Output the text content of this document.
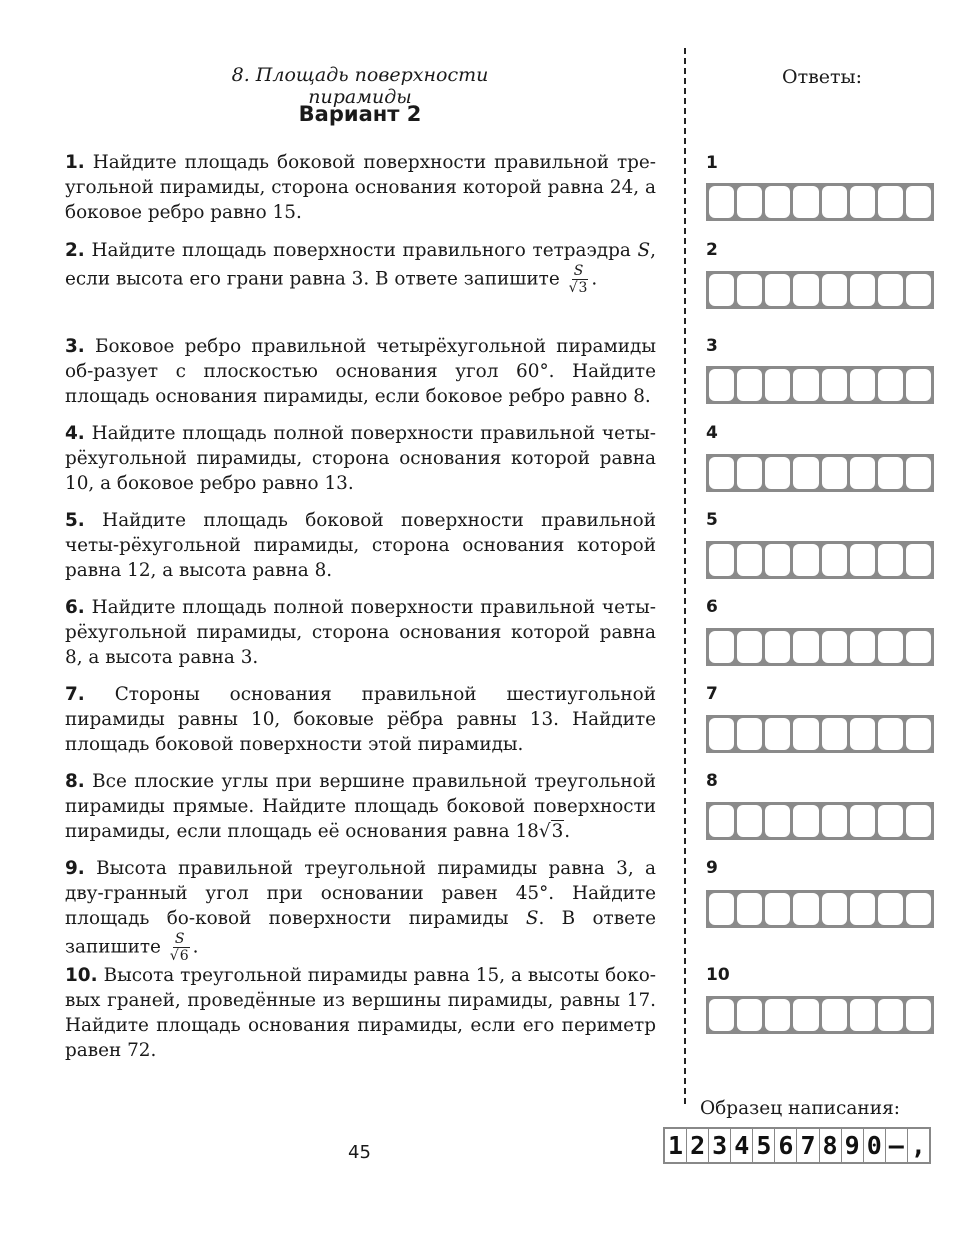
8. Площадь поверхности пирамиды
Вариант 2
Ответы:
1. Найдите площадь боковой поверхности правильной тре-угольной пирамиды, сторона основания которой равна 24, а боковое ребро равно 15.
2. Найдите площадь поверхности правильного тетраэдра S, если высота его грани равна 3. В ответе запишите $\frac{S}{√3}$ .
3. Боковое ребро правильной четырёхугольной пирамиды об-разует с плоскостью основания угол 60°. Найдите площадь основания пирамиды, если боковое ребро равно 8.
4. Найдите площадь полной поверхности правильной четы-рёхугольной пирамиды, сторона основания которой равна 10, а боковое ребро равно 13.
5. Найдите площадь боковой поверхности правильной четы-рёхугольной пирамиды, сторона основания которой равна 12, а высота равна 8.
6. Найдите площадь полной поверхности правильной четы-рёхугольной пирамиды, сторона основания которой равна 8, а высота равна 3.
7. Стороны основания правильной шестиугольной пирамиды равны 10, боковые рёбра равны 13. Найдите площадь боковой поверхности этой пирамиды.
8. Все плоские углы при вершине правильной треугольной пирамиды прямые. Найдите площадь боковой поверхности пирамиды, если площадь её основания равна 18√3.
9. Высота правильной треугольной пирамиды равна 3, а дву-гранный угол при основании равен 45°. Найдите площадь бо-ковой поверхности пирамиды S. В ответе запишите $\frac{S}{√6}$ .
10. Высота треугольной пирамиды равна 15, а высоты боко-вых граней, проведённые из вершины пирамиды, равны 17. Найдите площадь основания пирамиды, если его периметр равен 72.
1
2
3
4
5
6
7
8
9
10
Образец написания:
1 2 3 4 5 6 7 8 9 0 – ,
45
